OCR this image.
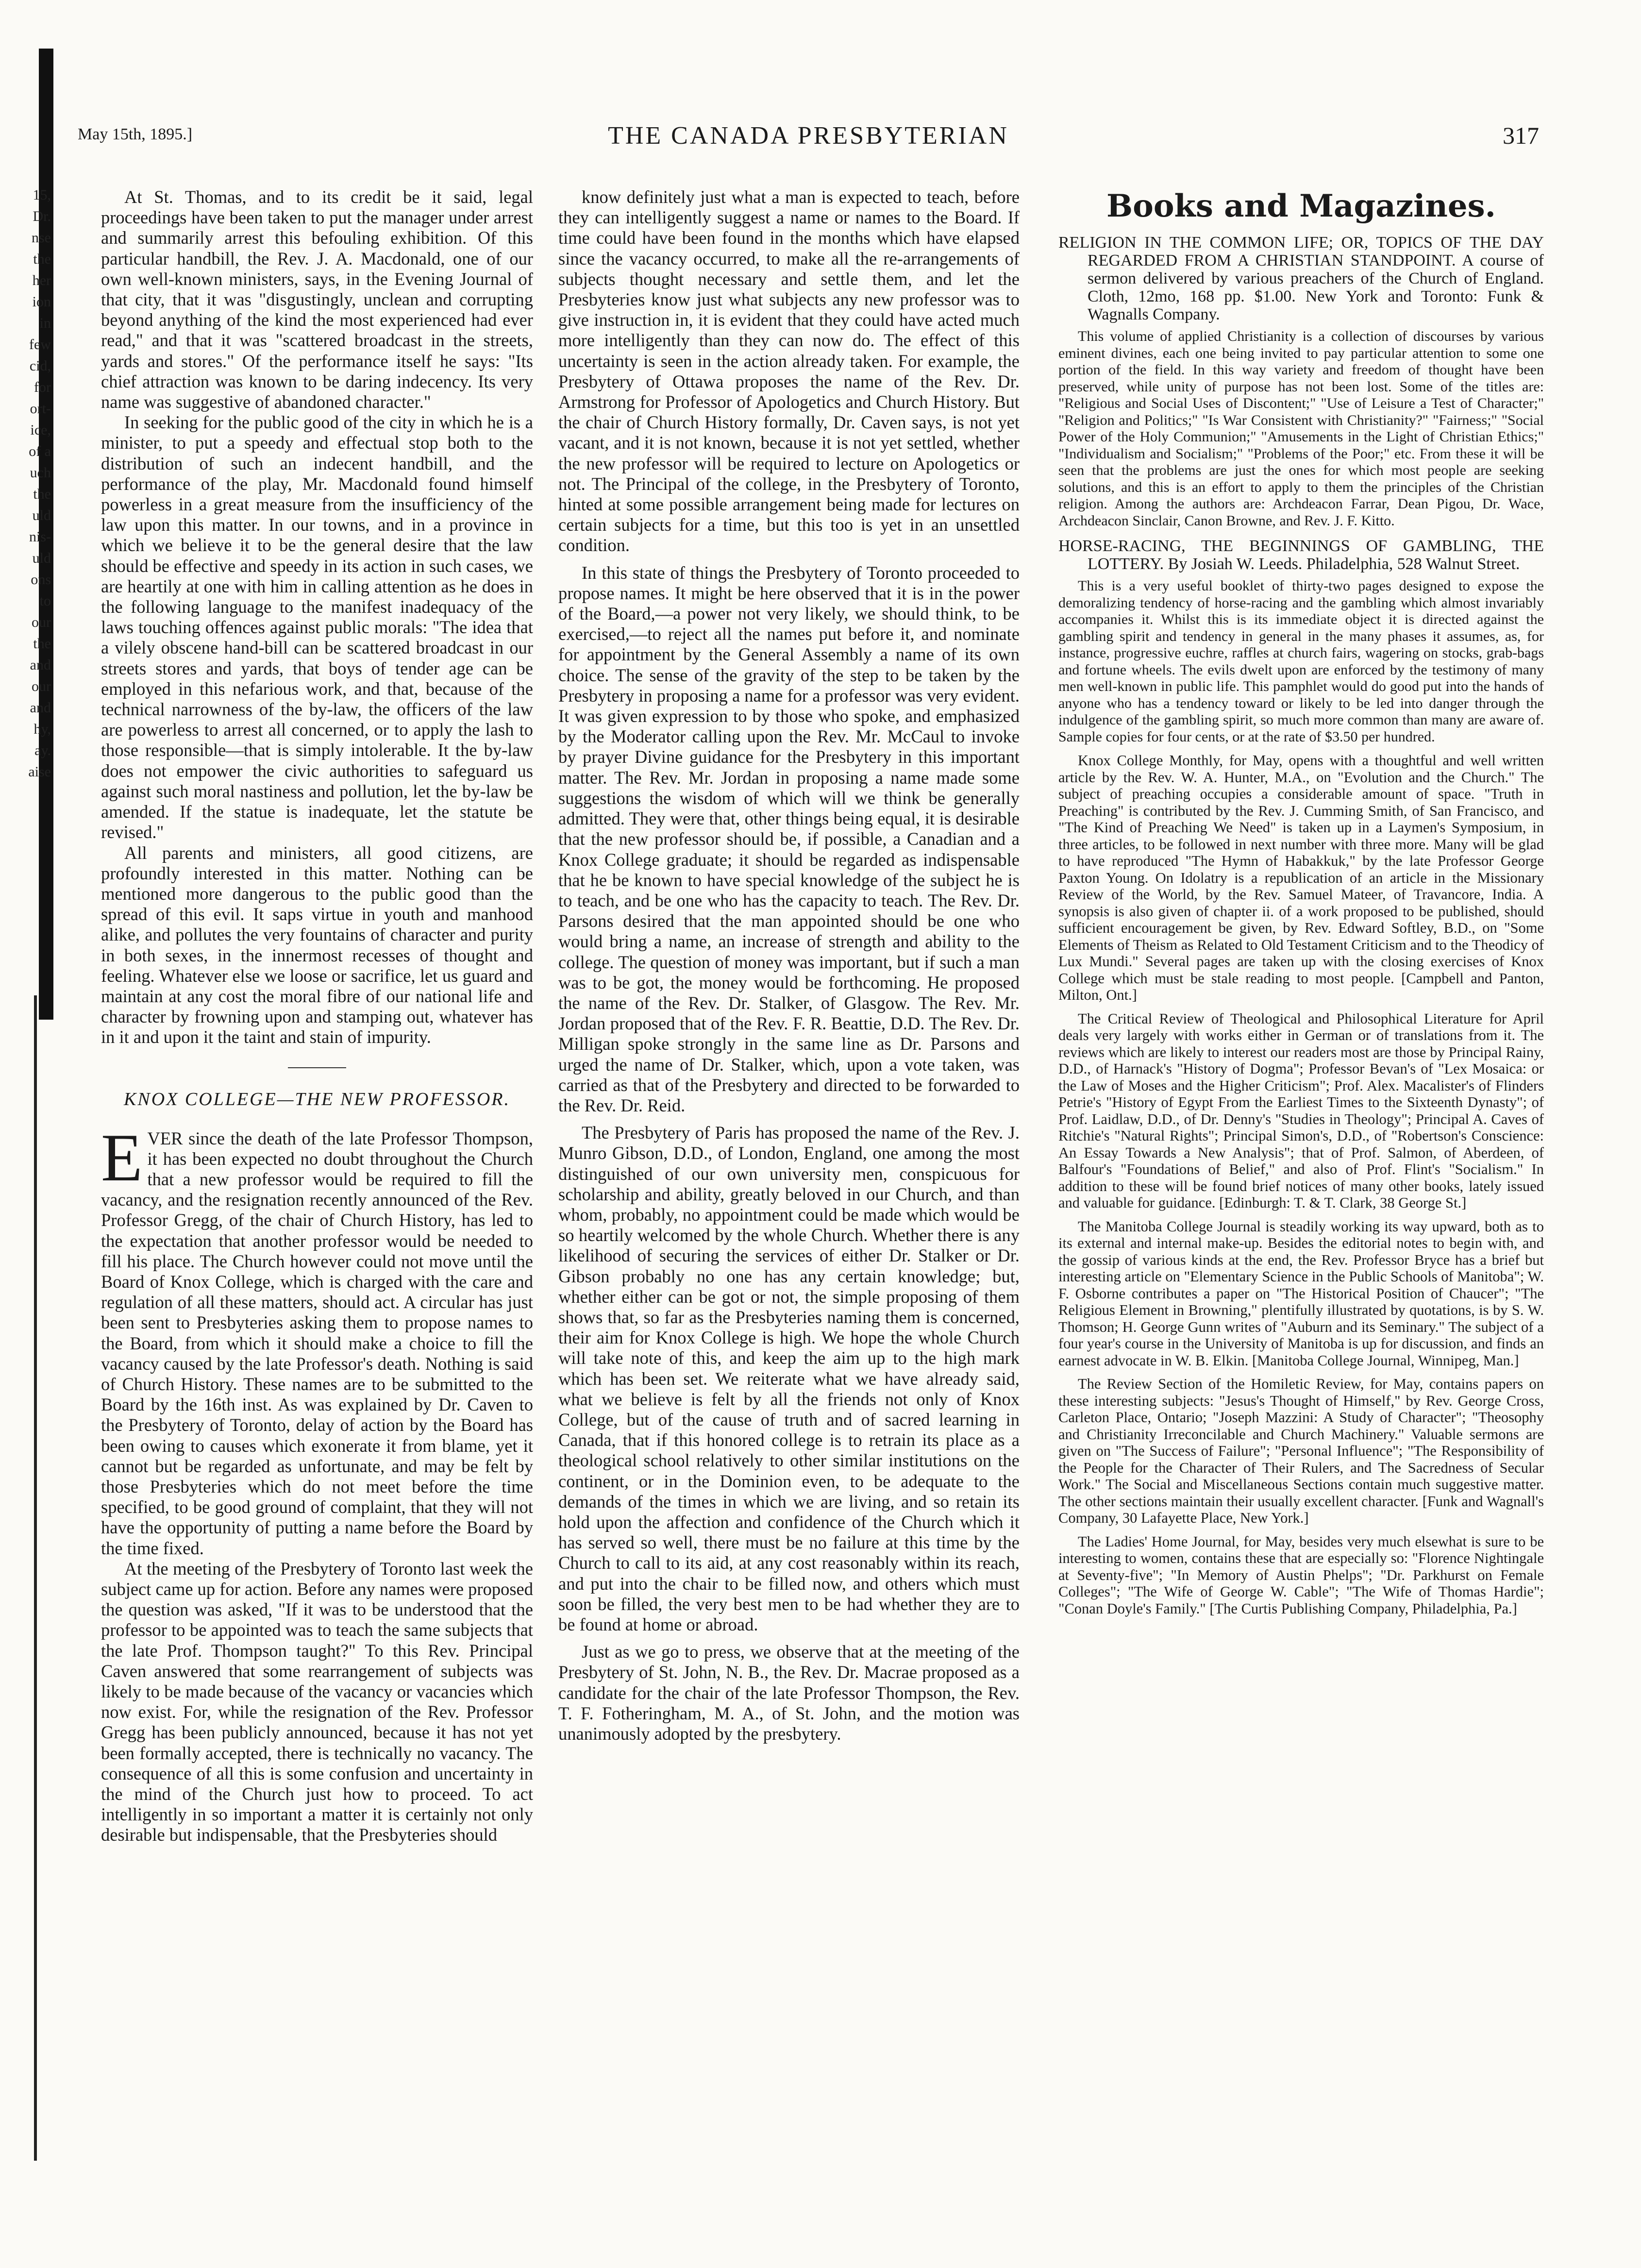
15,
Dr.
nse
the
her
ion
in
few
cid,
for
ort-
ice,
of a
uch
the
uld
nis-
uld
ons
to
our
the
and
our
and
hy,
ay.
aise
May 15th, 1895.]	THE CANADA PRESBYTERIAN	317

At St. Thomas, and to its credit be it said, legal proceedings have been taken to put the manager under arrest and summarily arrest this befouling exhibition. Of this particular handbill, the Rev. J. A. Macdonald, one of our own well-known ministers, says, in the Evening Journal of that city, that it was "disgustingly, unclean and corrupting beyond anything of the kind the most experienced had ever read," and that it was "scattered broadcast in the streets, yards and stores." Of the performance itself he says: "Its chief attraction was known to be daring indecency. Its very name was suggestive of abandoned character."

In seeking for the public good of the city in which he is a minister, to put a speedy and effectual stop both to the distribution of such an indecent handbill, and the performance of the play, Mr. Macdonald found himself powerless in a great measure from the insufficiency of the law upon this matter. In our towns, and in a province in which we believe it to be the general desire that the law should be effective and speedy in its action in such cases, we are heartily at one with him in calling attention as he does in the following language to the manifest inadequacy of the laws touching offences against public morals: "The idea that a vilely obscene hand-bill can be scattered broadcast in our streets stores and yards, that boys of tender age can be employed in this nefarious work, and that, because of the technical narrowness of the by-law, the officers of the law are powerless to arrest all concerned, or to apply the lash to those responsible—that is simply intolerable. It the by-law does not empower the civic authorities to safeguard us against such moral nastiness and pollution, let the by-law be amended. If the statue is inadequate, let the statute be revised."

All parents and ministers, all good citizens, are profoundly interested in this matter. Nothing can be mentioned more dangerous to the public good than the spread of this evil. It saps virtue in youth and manhood alike, and pollutes the very fountains of character and purity in both sexes, in the innermost recesses of thought and feeling. Whatever else we loose or sacrifice, let us guard and maintain at any cost the moral fibre of our national life and character by frowning upon and stamping out, whatever has in it and upon it the taint and stain of impurity.

KNOX COLLEGE—THE NEW PROFESSOR.

EVER since the death of the late Professor Thompson, it has been expected no doubt throughout the Church that a new professor would be required to fill the vacancy, and the resignation recently announced of the Rev. Professor Gregg, of the chair of Church History, has led to the expectation that another professor would be needed to fill his place. The Church however could not move until the Board of Knox College, which is charged with the care and regulation of all these matters, should act. A circular has just been sent to Presbyteries asking them to propose names to the Board, from which it should make a choice to fill the vacancy caused by the late Professor's death. Nothing is said of Church History. These names are to be submitted to the Board by the 16th inst. As was explained by Dr. Caven to the Presbytery of Toronto, delay of action by the Board has been owing to causes which exonerate it from blame, yet it cannot but be regarded as unfortunate, and may be felt by those Presbyteries which do not meet before the time specified, to be good ground of complaint, that they will not have the opportunity of putting a name before the Board by the time fixed.

At the meeting of the Presbytery of Toronto last week the subject came up for action. Before any names were proposed the question was asked, "If it was to be understood that the professor to be appointed was to teach the same subjects that the late Prof. Thompson taught?" To this Rev. Principal Caven answered that some rearrangement of subjects was likely to be made because of the vacancy or vacancies which now exist. For, while the resignation of the Rev. Professor Gregg has been publicly announced, because it has not yet been formally accepted, there is technically no vacancy. The consequence of all this is some confusion and uncertainty in the mind of the Church just how to proceed. To act intelligently in so important a matter it is certainly not only desirable but indispensable, that the Presbyteries should

know definitely just what a man is expected to teach, before they can intelligently suggest a name or names to the Board. If time could have been found in the months which have elapsed since the vacancy occurred, to make all the re-arrangements of subjects thought necessary and settle them, and let the Presbyteries know just what subjects any new professor was to give instruction in, it is evident that they could have acted much more intelligently than they can now do. The effect of this uncertainty is seen in the action already taken. For example, the Presbytery of Ottawa proposes the name of the Rev. Dr. Armstrong for Professor of Apologetics and Church History. But the chair of Church History formally, Dr. Caven says, is not yet vacant, and it is not known, because it is not yet settled, whether the new professor will be required to lecture on Apologetics or not. The Principal of the college, in the Presbytery of Toronto, hinted at some possible arrangement being made for lectures on certain subjects for a time, but this too is yet in an unsettled condition.

In this state of things the Presbytery of Toronto proceeded to propose names. It might be here observed that it is in the power of the Board,—a power not very likely, we should think, to be exercised,—to reject all the names put before it, and nominate for appointment by the General Assembly a name of its own choice. The sense of the gravity of the step to be taken by the Presbytery in proposing a name for a professor was very evident. It was given expression to by those who spoke, and emphasized by the Moderator calling upon the Rev. Mr. McCaul to invoke by prayer Divine guidance for the Presbytery in this important matter. The Rev. Mr. Jordan in proposing a name made some suggestions the wisdom of which will we think be generally admitted. They were that, other things being equal, it is desirable that the new professor should be, if possible, a Canadian and a Knox College graduate; it should be regarded as indispensable that he be known to have special knowledge of the subject he is to teach, and be one who has the capacity to teach. The Rev. Dr. Parsons desired that the man appointed should be one who would bring a name, an increase of strength and ability to the college. The question of money was important, but if such a man was to be got, the money would be forthcoming. He proposed the name of the Rev. Dr. Stalker, of Glasgow. The Rev. Mr. Jordan proposed that of the Rev. F. R. Beattie, D.D. The Rev. Dr. Milligan spoke strongly in the same line as Dr. Parsons and urged the name of Dr. Stalker, which, upon a vote taken, was carried as that of the Presbytery and directed to be forwarded to the Rev. Dr. Reid.

The Presbytery of Paris has proposed the name of the Rev. J. Munro Gibson, D.D., of London, England, one among the most distinguished of our own university men, conspicuous for scholarship and ability, greatly beloved in our Church, and than whom, probably, no appointment could be made which would be so heartily welcomed by the whole Church. Whether there is any likelihood of securing the services of either Dr. Stalker or Dr. Gibson probably no one has any certain knowledge; but, whether either can be got or not, the simple proposing of them shows that, so far as the Presbyteries naming them is concerned, their aim for Knox College is high. We hope the whole Church will take note of this, and keep the aim up to the high mark which has been set. We reiterate what we have already said, what we believe is felt by all the friends not only of Knox College, but of the cause of truth and of sacred learning in Canada, that if this honored college is to retrain its place as a theological school relatively to other similar institutions on the continent, or in the Dominion even, to be adequate to the demands of the times in which we are living, and so retain its hold upon the affection and confidence of the Church which it has served so well, there must be no failure at this time by the Church to call to its aid, at any cost reasonably within its reach, and put into the chair to be filled now, and others which must soon be filled, the very best men to be had whether they are to be found at home or abroad.

Just as we go to press, we observe that at the meeting of the Presbytery of St. John, N. B., the Rev. Dr. Macrae proposed as a candidate for the chair of the late Professor Thompson, the Rev. T. F. Fotheringham, M. A., of St. John, and the motion was unanimously adopted by the presbytery.

Books and Magazines.

RELIGION IN THE COMMON LIFE; OR, TOPICS OF THE DAY REGARDED FROM A CHRISTIAN STANDPOINT. A course of sermon delivered by various preachers of the Church of England. Cloth, 12mo, 168 pp. $1.00. New York and Toronto: Funk & Wagnalls Company.

This volume of applied Christianity is a collection of discourses by various eminent divines, each one being invited to pay particular attention to some one portion of the field. In this way variety and freedom of thought have been preserved, while unity of purpose has not been lost. Some of the titles are: "Religious and Social Uses of Discontent;" "Use of Leisure a Test of Character;" "Religion and Politics;" "Is War Consistent with Christianity?" "Fairness;" "Social Power of the Holy Communion;" "Amusements in the Light of Christian Ethics;" "Individualism and Socialism;" "Problems of the Poor;" etc. From these it will be seen that the problems are just the ones for which most people are seeking solutions, and this is an effort to apply to them the principles of the Christian religion. Among the authors are: Archdeacon Farrar, Dean Pigou, Dr. Wace, Archdeacon Sinclair, Canon Browne, and Rev. J. F. Kitto.

HORSE-RACING, THE BEGINNINGS OF GAMBLING, THE LOTTERY. By Josiah W. Leeds. Philadelphia, 528 Walnut Street.

This is a very useful booklet of thirty-two pages designed to expose the demoralizing tendency of horse-racing and the gambling which almost invariably accompanies it. Whilst this is its immediate object it is directed against the gambling spirit and tendency in general in the many phases it assumes, as, for instance, progressive euchre, raffles at church fairs, wagering on stocks, grab-bags and fortune wheels. The evils dwelt upon are enforced by the testimony of many men well-known in public life. This pamphlet would do good put into the hands of anyone who has a tendency toward or likely to be led into danger through the indulgence of the gambling spirit, so much more common than many are aware of. Sample copies for four cents, or at the rate of $3.50 per hundred.

Knox College Monthly, for May, opens with a thoughtful and well written article by the Rev. W. A. Hunter, M.A., on "Evolution and the Church." The subject of preaching occupies a considerable amount of space. "Truth in Preaching" is contributed by the Rev. J. Cumming Smith, of San Francisco, and "The Kind of Preaching We Need" is taken up in a Laymen's Symposium, in three articles, to be followed in next number with three more. Many will be glad to have reproduced "The Hymn of Habakkuk," by the late Professor George Paxton Young. On Idolatry is a republication of an article in the Missionary Review of the World, by the Rev. Samuel Mateer, of Travancore, India. A synopsis is also given of chapter ii. of a work proposed to be published, should sufficient encouragement be given, by Rev. Edward Softley, B.D., on "Some Elements of Theism as Related to Old Testament Criticism and to the Theodicy of Lux Mundi." Several pages are taken up with the closing exercises of Knox College which must be stale reading to most people. [Campbell and Panton, Milton, Ont.]

The Critical Review of Theological and Philosophical Literature for April deals very largely with works either in German or of translations from it. The reviews which are likely to interest our readers most are those by Principal Rainy, D.D., of Harnack's "History of Dogma"; Professor Bevan's of "Lex Mosaica: or the Law of Moses and the Higher Criticism"; Prof. Alex. Macalister's of Flinders Petrie's "History of Egypt From the Earliest Times to the Sixteenth Dynasty"; of Prof. Laidlaw, D.D., of Dr. Denny's "Studies in Theology"; Principal A. Caves of Ritchie's "Natural Rights"; Principal Simon's, D.D., of "Robertson's Conscience: An Essay Towards a New Analysis"; that of Prof. Salmon, of Aberdeen, of Balfour's "Foundations of Belief," and also of Prof. Flint's "Socialism." In addition to these will be found brief notices of many other books, lately issued and valuable for guidance. [Edinburgh: T. & T. Clark, 38 George St.]

The Manitoba College Journal is steadily working its way upward, both as to its external and internal make-up. Besides the editorial notes to begin with, and the gossip of various kinds at the end, the Rev. Professor Bryce has a brief but interesting article on "Elementary Science in the Public Schools of Manitoba"; W. F. Osborne contributes a paper on "The Historical Position of Chaucer"; "The Religious Element in Browning," plentifully illustrated by quotations, is by S. W. Thomson; H. George Gunn writes of "Auburn and its Seminary." The subject of a four year's course in the University of Manitoba is up for discussion, and finds an earnest advocate in W. B. Elkin. [Manitoba College Journal, Winnipeg, Man.]

The Review Section of the Homiletic Review, for May, contains papers on these interesting subjects: "Jesus's Thought of Himself," by Rev. George Cross, Carleton Place, Ontario; "Joseph Mazzini: A Study of Character"; "Theosophy and Christianity Irreconcilable and Church Machinery." Valuable sermons are given on "The Success of Failure"; "Personal Influence"; "The Responsibility of the People for the Character of Their Rulers, and The Sacredness of Secular Work." The Social and Miscellaneous Sections contain much suggestive matter. The other sections maintain their usually excellent character. [Funk and Wagnall's Company, 30 Lafayette Place, New York.]

The Ladies' Home Journal, for May, besides very much elsewhat is sure to be interesting to women, contains these that are especially so: "Florence Nightingale at Seventy-five"; "In Memory of Austin Phelps"; "Dr. Parkhurst on Female Colleges"; "The Wife of George W. Cable"; "The Wife of Thomas Hardie"; "Conan Doyle's Family." [The Curtis Publishing Company, Philadelphia, Pa.]
